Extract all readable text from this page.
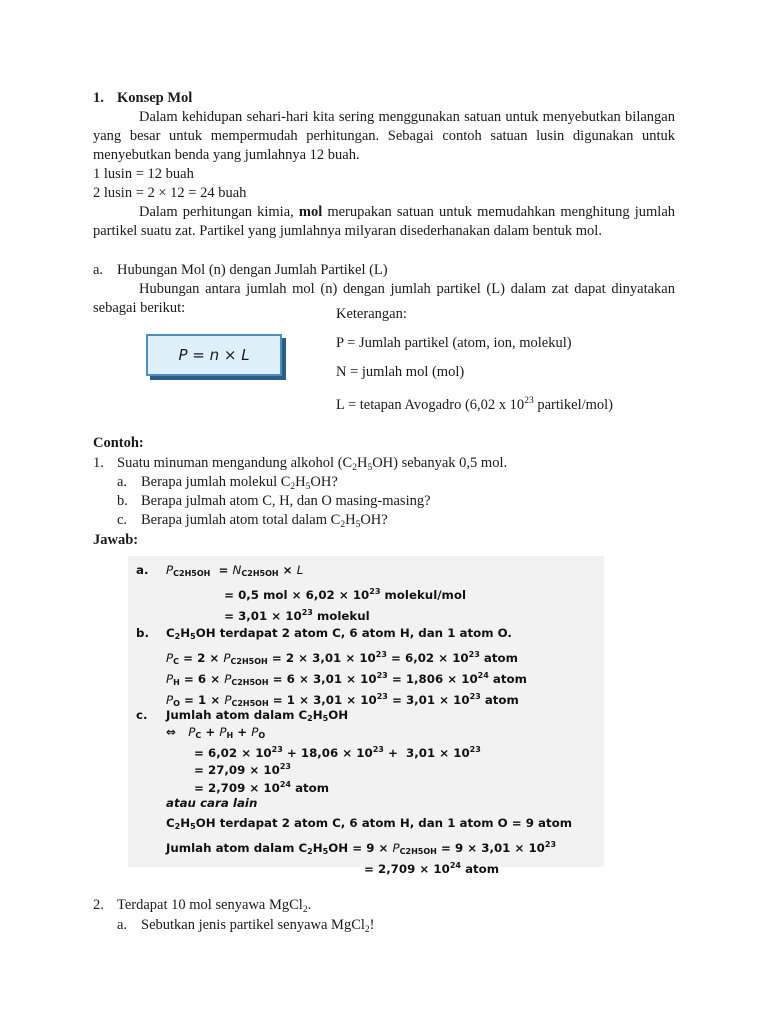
1. Konsep Mol
Dalam kehidupan sehari-hari kita sering menggunakan satuan untuk menyebutkan bilangan yang besar untuk mempermudah perhitungan. Sebagai contoh satuan lusin digunakan untuk menyebutkan benda yang jumlahnya 12 buah.
1 lusin = 12 buah
2 lusin = 2 × 12 = 24 buah
Dalam perhitungan kimia, mol merupakan satuan untuk memudahkan menghitung jumlah partikel suatu zat. Partikel yang jumlahnya milyaran disederhanakan dalam bentuk mol.
a. Hubungan Mol (n) dengan Jumlah Partikel (L)
Hubungan antara jumlah mol (n) dengan jumlah partikel (L) dalam zat dapat dinyatakan sebagai berikut:
P = n × L

Keterangan:

P = Jumlah partikel (atom, ion, molekul)

N = jumlah mol (mol)

L = tetapan Avogadro (6,02 x $10^{23}$ partikel/mol)

Contoh:
1. Suatu minuman mengandung alkohol $(C_2H_5OH)$ sebanyak 0,5 mol.
a. Berapa jumlah molekul $C_2H_5OH$?
b. Berapa julmah atom C, H, dan O masing-masing?
c. Berapa jumlah atom total dalam $C_2H_5OH$?
Jawab:
a. PC2H5OH  = NC2H5OH × L
= 0,5 mol × $6,02 \times 10^{23}$ molekul/mol
= $3,01 \times 10^{23}$ molekul
b. C2H5OH terdapat 2 atom C, 6 atom H, dan 1 atom O.
PC = $2 \times PC2H5OH = 2 \times 3,01 \times 10^{23} = 6,02 \times 10^{23}$ atom
PH = $6 \times PC2H5OH = 6 \times 3,01 \times 10^{23} = 1,806 \times 10^{24}$ atom
PO = $1 \times PC2H5OH = 1 \times 3,01 \times 10^{23} = 3,01 \times 10^{23}$ atom
c. Jumlah atom dalam C2H5OH
⇔   PC + PH + PO
= $6,02 \times 10^{23} + 18,06 \times 10^{23} + 3,01 \times 10^{23}$
= $27,09 \times 10^{23}$
= $2,709 \times 10^{24}$ atom
atau cara lain
C2H5OH terdapat 2 atom C, 6 atom H, dan 1 atom O = 9 atom
Jumlah atom dalam $C2H5OH = 9 \times PC2H5OH = 9 \times 3,01 \times 10^{23}$
= $2,709 \times 10^{24}$ atom
2. Terdapat 10 mol senyawa MgCl$_2$.
a. Sebutkan jenis partikel senyawa MgCl$_2$!
